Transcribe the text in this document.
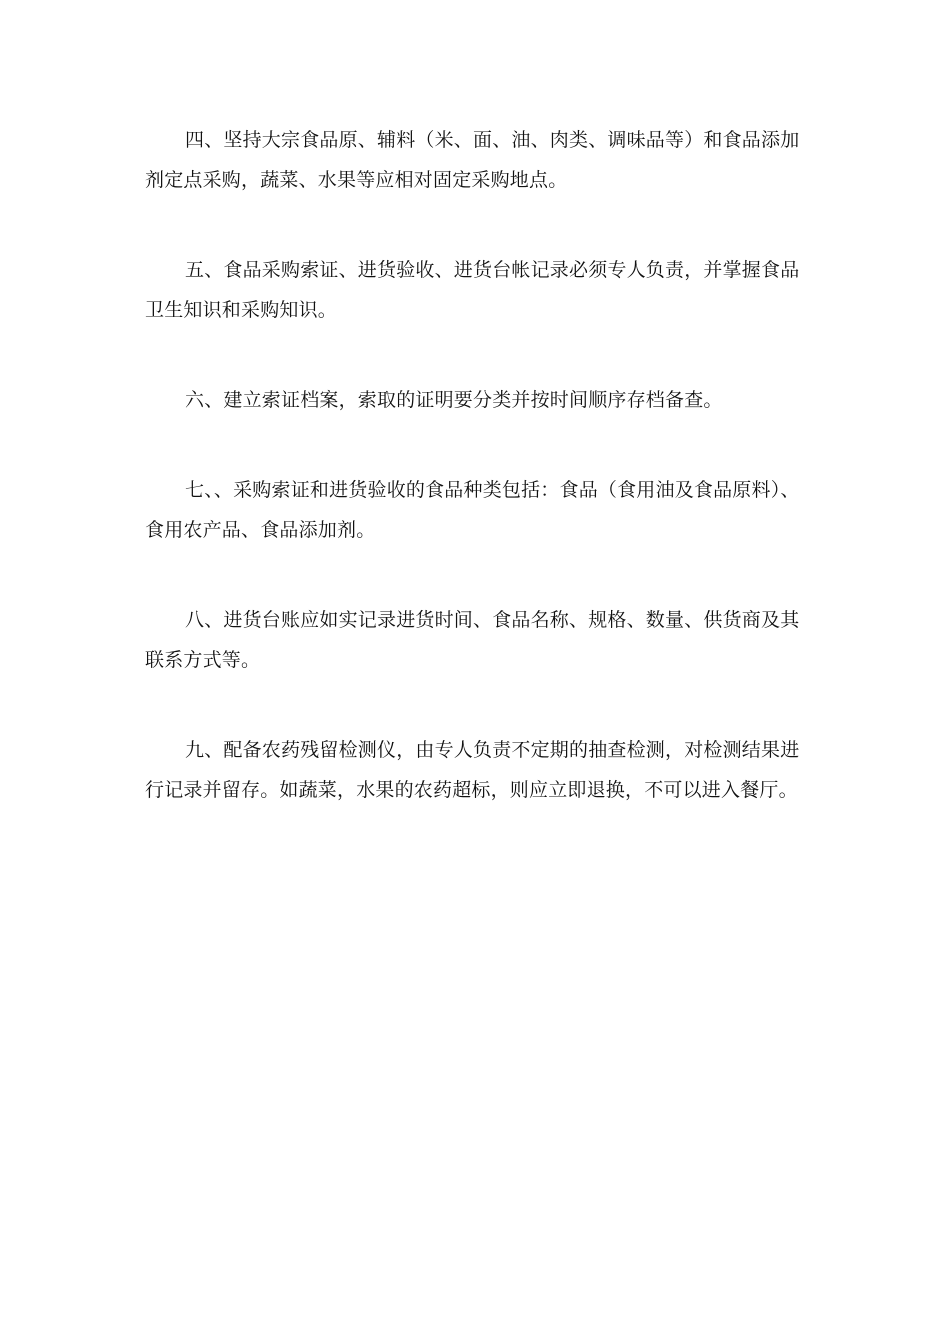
四、坚持大宗食品原、辅料（米、面、油、肉类、调味品等）和食品添加
剂定点采购，蔬菜、水果等应相对固定采购地点。

五、食品采购索证、进货验收、进货台帐记录必须专人负责，并掌握食品
卫生知识和采购知识。

六、建立索证档案，索取的证明要分类并按时间顺序存档备查。

七、、采购索证和进货验收的食品种类包括：食品（食用油及食品原料）、
食用农产品、食品添加剂。

八、进货台账应如实记录进货时间、食品名称、规格、数量、供货商及其
联系方式等。

九、配备农药残留检测仪，由专人负责不定期的抽查检测，对检测结果进
行记录并留存。如蔬菜，水果的农药超标，则应立即退换，不可以进入餐厅。
